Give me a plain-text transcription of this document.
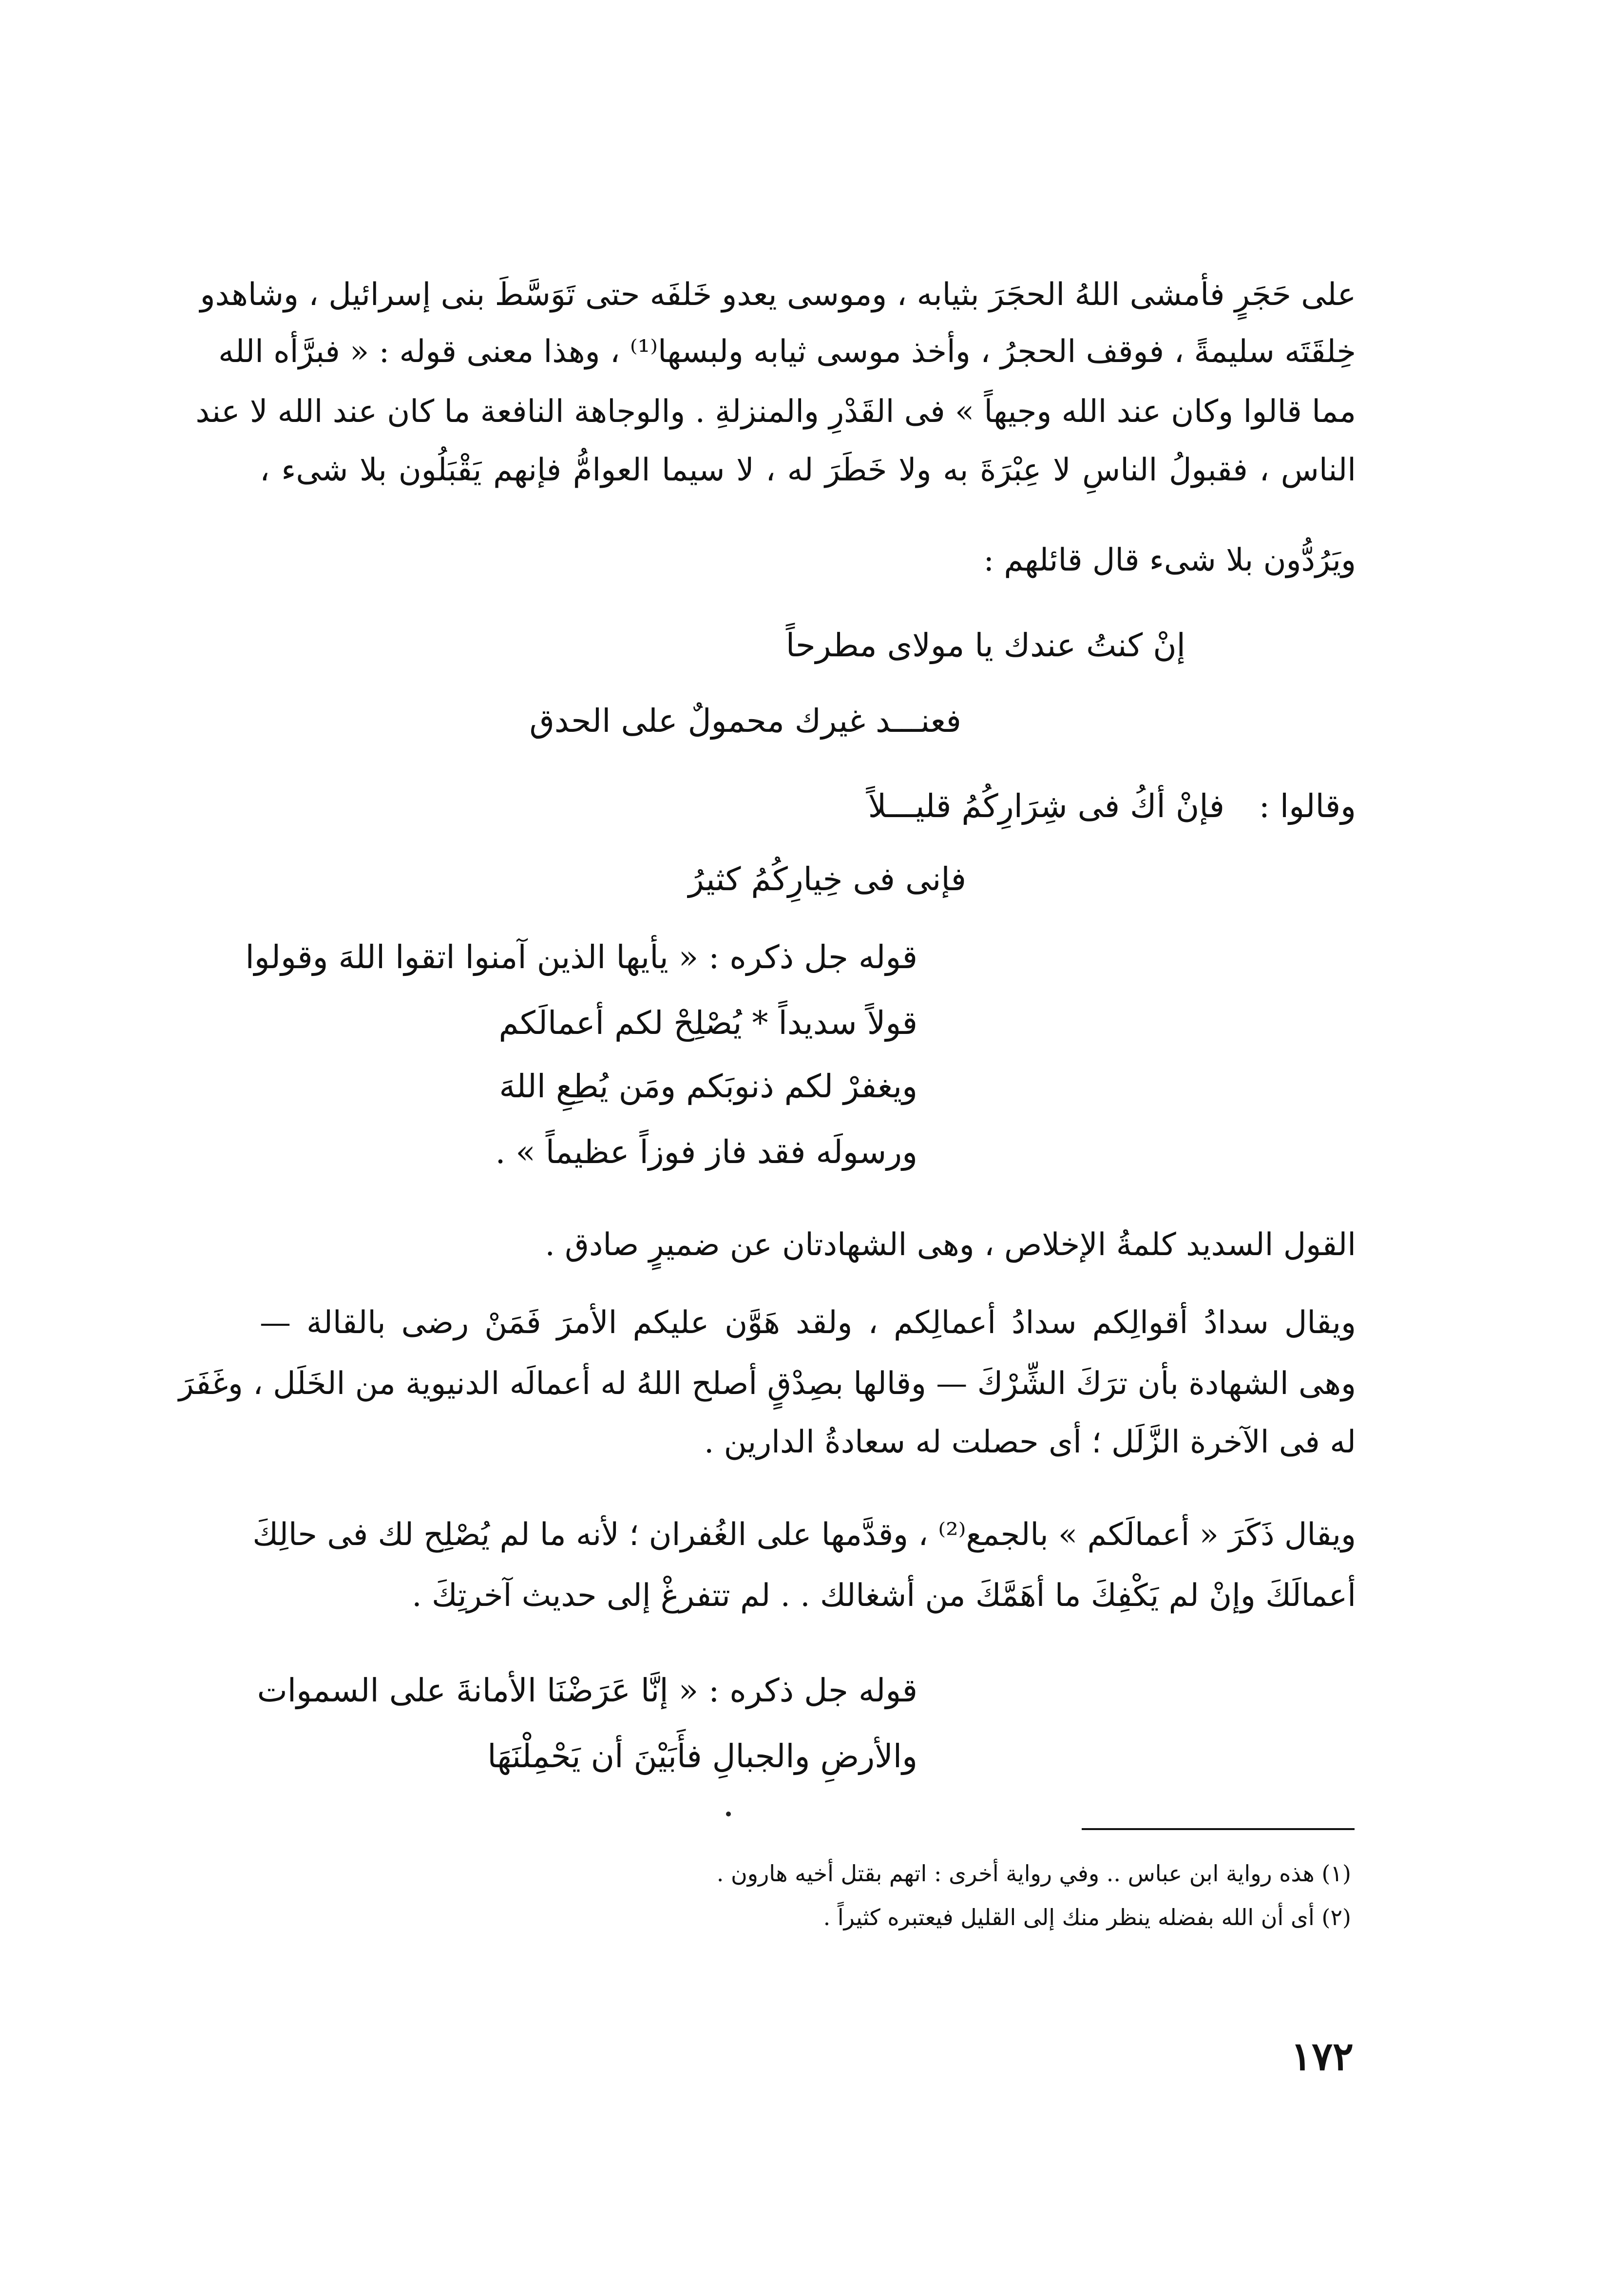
على حَجَرٍ فأمشى اللهُ الحجَرَ بثيابه ، وموسى يعدو خَلفَه حتى تَوَسَّطَ بنى إسرائيل ، وشاهدو
خِلقَتَه سليمةً ، فوقف الحجرُ ، وأخذ موسى ثيابه ولبسها⁽¹⁾ ، وهذا معنى قوله : « فبرَّأه الله
مما قالوا وكان عند الله وجيهاً » فى القَدْرِ والمنزلةِ . والوجاهة النافعة ما كان عند الله لا عند
الناس ، فقبولُ الناسِ لا عِبْرَةَ به ولا خَطَرَ له ، لا سيما العوامُّ فإنهم يَقْبَلُون بلا شىء ،
ويَرُدُّون بلا شىء قال قائلهم :
إنْ كنتُ عندك يا مولاى مطرحاً
فعنـــد غيرك محمولٌ على الحدق
وقالوا :
فإنْ أكُ فى شِرَارِكُمُ قليـــلاً
فإنى فى خِيارِكُمُ كثيرُ
قوله جل ذكره : « يأيها الذين آمنوا اتقوا اللهَ وقولوا
قولاً سديداً * يُصْلِحْ لكم أعمالَكم
ويغفرْ لكم ذنوبَكم ومَن يُطِعِ اللهَ
ورسولَه فقد فاز فوزاً عظيماً » .
القول السديد كلمةُ الإخلاص ، وهى الشهادتان عن ضميرٍ صادق .
ويقال سدادُ أقوالِكم سدادُ أعمالِكم ، ولقد هَوَّن عليكم الأمرَ فَمَنْ رضى بالقالة —
وهى الشهادة بأن ترَكَ الشِّرْكَ — وقالها بصِدْقٍ أصلح اللهُ له أعمالَه الدنيوية من الخَلَل ، وغَفَرَ
له فى الآخرة الزَّلَل ؛ أى حصلت له سعادةُ الدارين .
ويقال ذَكَرَ « أعمالَكم » بالجمع⁽²⁾ ، وقدَّمها على الغُفران ؛ لأنه ما لم يُصْلِح لك فى حالِكَ
أعمالَكَ وإنْ لم يَكْفِكَ ما أهَمَّكَ من أشغالك . . لم تتفرغْ إلى حديث آخرتِكَ .
قوله جل ذكره : « إنَّا عَرَضْنَا الأمانةَ على السموات
والأرضِ والجبالِ فأَبَيْنَ أن يَحْمِلْنَهَا
(١) هذه رواية ابن عباس .. وفي رواية أخرى : اتهم بقتل أخيه هارون .
(٢) أى أن الله بفضله ينظر منك إلى القليل فيعتبره كثيراً .
١٧٢
